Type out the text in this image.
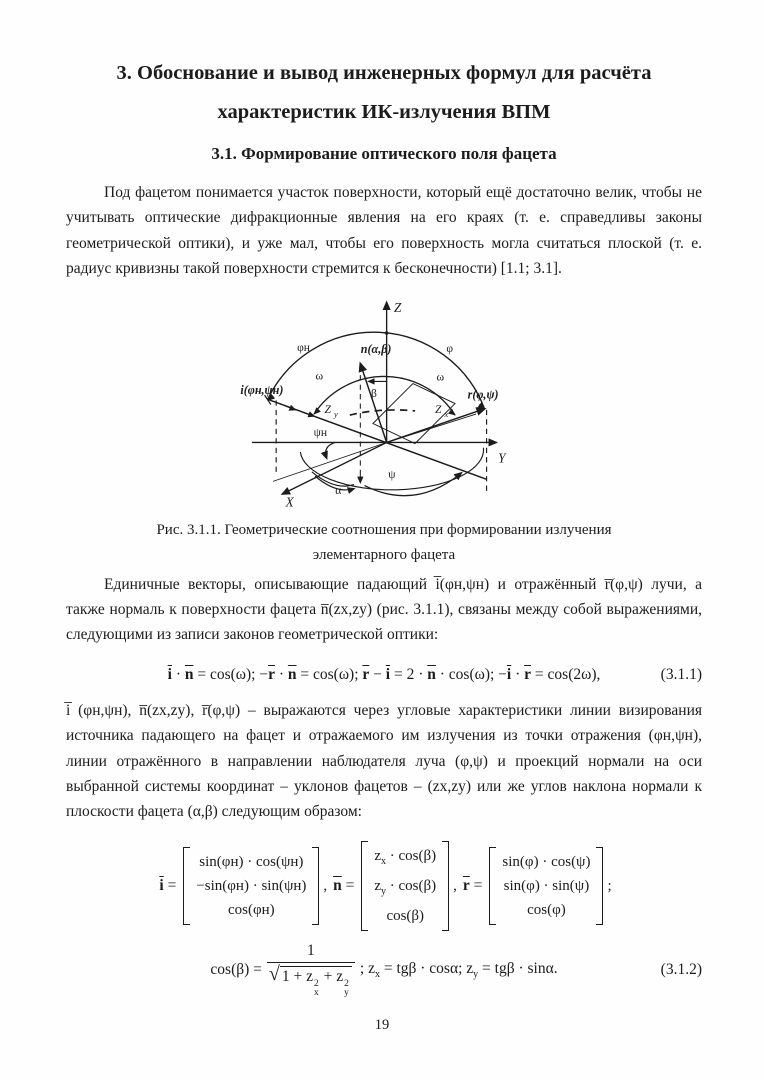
3. Обоснование и вывод инженерных формул для расчёта
характеристик ИК-излучения ВПМ
3.1. Формирование оптического поля фацета

Под фацетом понимается участок поверхности, который ещё достаточно велик, чтобы не учитывать оптические дифракционные явления на его краях (т. е. справедливы законы геометрической оптики), и уже мал, чтобы его поверхность могла считаться плоской (т. е. радиус кривизны такой поверхности стремится к бесконечности) [1.1; 3.1].

Z
Y
X
n(α,β)
i(φн,ψн)	r(φ,ψ)
φн	φ
ω	ω
β
ψн
ψ
α
Z y	Z x
Рис. 3.1.1. Геометрические соотношения при формировании излучения
элементарного фацета

Единичные векторы, описывающие падающий i̅(φн,ψн) и отражённый r̅(φ,ψ) лучи, а также нормаль к поверхности фацета n̅(zx,zy) (рис. 3.1.1), связаны между собой выражениями, следующими из записи законов геометрической оптики:

$\overline{i} \cdot \overline{n} = \cos(\omega)$; $-\overline{r} \cdot \overline{n} = \cos(\omega)$; $\overline{r} - \overline{i} = 2 \cdot \overline{n} \cdot \cos(\omega)$; $-\overline{i} \cdot \overline{r} = \cos(2\omega)$,	(3.1.1)

i̅ (φн,ψн), n̅(zx,zy), r̅(φ,ψ) – выражаются через угловые характеристики линии визирования источника падающего на фацет и отражаемого им излучения из точки отражения (φн,ψн), линии отражённого в направлении наблюдателя луча (φ,ψ) и проекций нормали на оси выбранной системы координат – уклонов фацетов – (zx,zy) или же углов наклона нормали к плоскости фацета (α,β) следующим образом:

$\overline{i}$ =
sin(φн) · cos(ψн)
−sin(φн) · sin(ψн)
cos(φн)
, $\overline{n}$ =
$z_x \cdot \cos(\beta)$
$z_y \cdot \cos(\beta)$
cos(β)
, $\overline{r}$ =
sin(φ) · cos(ψ)
sin(φ) · sin(ψ)
cos(φ)
;
cos(β) = 1
√ 1 + z 2
x
+ z 2
y ; $z_x = tg\beta \cdot \cos\alpha$; $z_y = tg\beta \cdot \sin\alpha$.	(3.1.2)
19
